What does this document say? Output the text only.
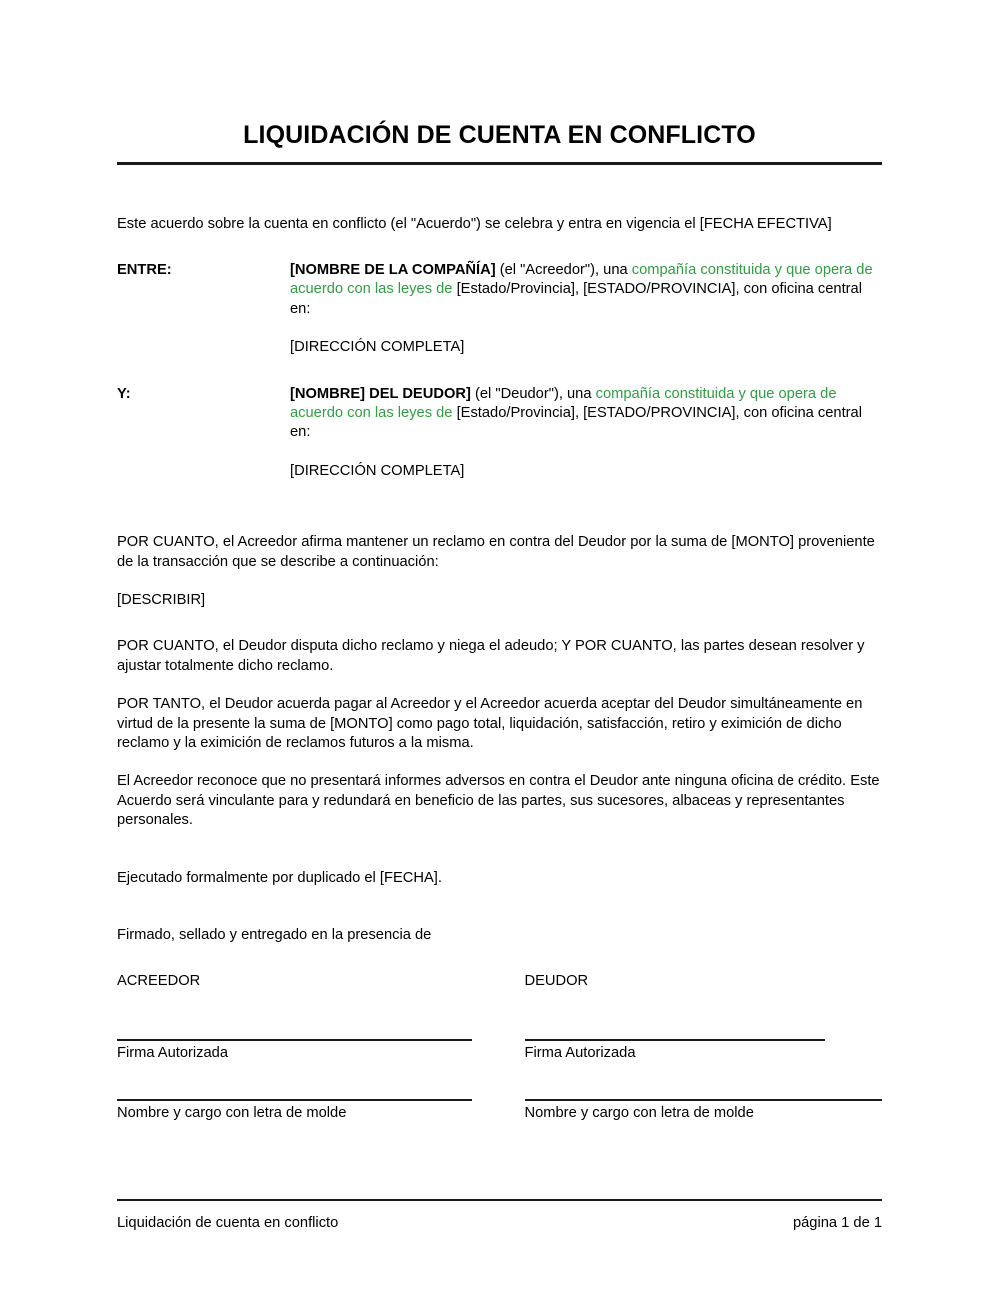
LIQUIDACIÓN DE CUENTA EN CONFLICTO

Este acuerdo sobre la cuenta en conflicto (el "Acuerdo") se celebra y entra en vigencia el [FECHA EFECTIVA]

ENTRE:	[NOMBRE DE LA COMPAÑÍA] (el "Acreedor"), una compañía constituida y que opera de acuerdo con las leyes de [Estado/Provincia], [ESTADO/PROVINCIA], con oficina central en:
[DIRECCIÓN COMPLETA]
Y:	[NOMBRE] DEL DEUDOR] (el "Deudor"), una compañía constituida y que opera de acuerdo con las leyes de [Estado/Provincia], [ESTADO/PROVINCIA], con oficina central en:
[DIRECCIÓN COMPLETA]

POR CUANTO, el Acreedor afirma mantener un reclamo en contra del Deudor por la suma de [MONTO] proveniente de la transacción que se describe a continuación:

[DESCRIBIR]

POR CUANTO, el Deudor disputa dicho reclamo y niega el adeudo; Y POR CUANTO, las partes desean resolver y ajustar totalmente dicho reclamo.

POR TANTO, el Deudor acuerda pagar al Acreedor y el Acreedor acuerda aceptar del Deudor simultáneamente en virtud de la presente la suma de [MONTO] como pago total, liquidación, satisfacción, retiro y eximición de dicho reclamo y la eximición de reclamos futuros a la misma.

El Acreedor reconoce que no presentará informes adversos en contra el Deudor ante ninguna oficina de crédito. Este Acuerdo será vinculante para y redundará en beneficio de las partes, sus sucesores, albaceas y representantes personales.

Ejecutado formalmente por duplicado el [FECHA].

Firmado, sellado y entregado en la presencia de

ACREEDOR
Firma Autorizada
Nombre y cargo con letra de molde
DEUDOR
Firma Autorizada
Nombre y cargo con letra de molde
Liquidación de cuenta en conflicto	página 1 de 1
